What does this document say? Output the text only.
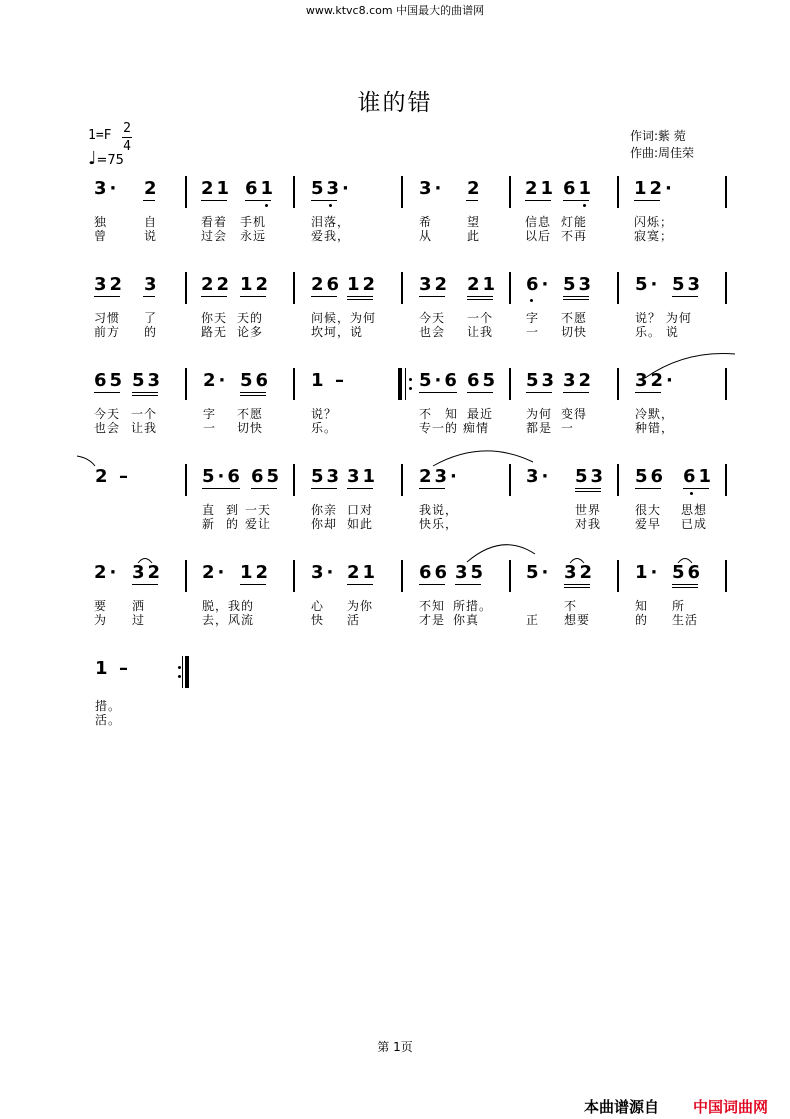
www.ktvc8.com 中国最大的曲谱网
谁的错
1=F 2
4
♩=75
作词:紫 菀
作曲:周佳荣
3· 2 21 61 53·	3· 2 21 61 12·
独	自	看着 手机	泪落，	希	望	信息 灯能	闪烁；
曾	说	过会 永远	爱我，	从	此	以后 不再	寂寞；
32 3 22 12 26 12 32 21 6· 53 5· 53
习惯 了	你天 天的	问候，为何	今天 一个	字 不愿	说？ 为何
前方 的	路无 论多	坎坷，说	也会 让我	一 切快	乐。 说
65 53 2· 56 1 –	5·6 65 53 32 32·
今天 一个	字 不愿	说？	不 知 最近	为何 变得	冷默，
也会 让我	一 切快	乐。	专一的 痴情	都是 一	种错，
2 –	5·6 65 53 31 23·	3· 53 56 61
直 到 一天	你亲 口对	我说，	世界	很大 思想
新 的 爱让	你却 如此	快乐，	对我	爱早 已成
2· 32 2· 12 3· 21 66 35 5· 32 1· 56
要 洒	脱，我的	心 为你	不知 所措。	不	知 所
为 过	去，风流	快 活	才是 你真	正 想要	的 生活
1 –
措。
活。
第 1页
本曲谱源自 中国词曲网
